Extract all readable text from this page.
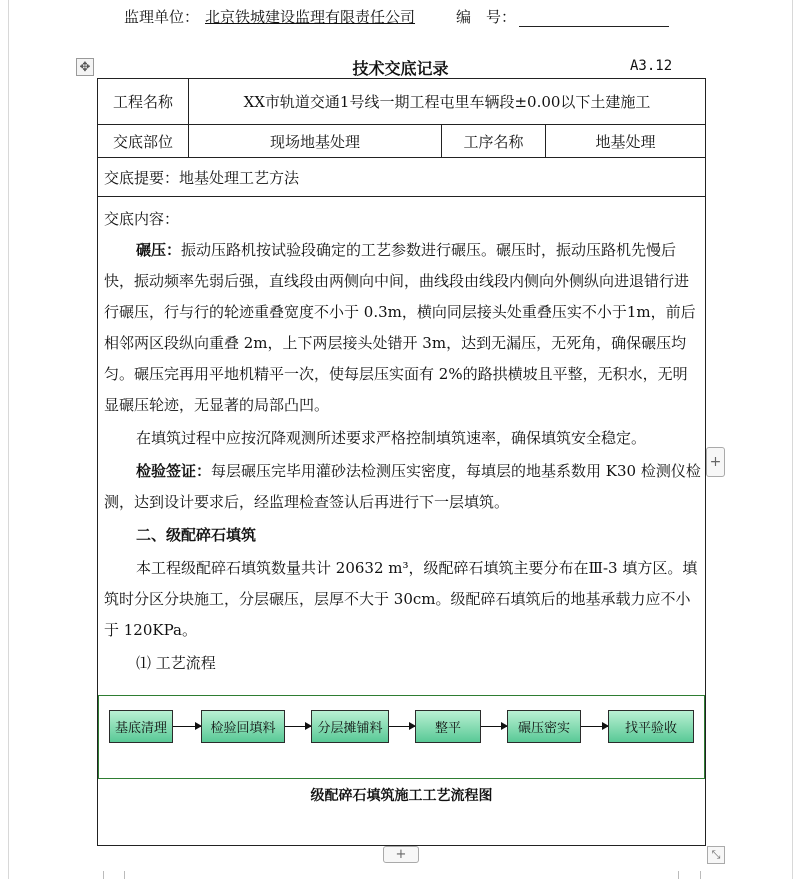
监理单位： 北京铁城建设监理有限责任公司	编　号：
✥	技术交底记录	A3.12
工程名称	XX市轨道交通1号线一期工程屯里车辆段±0.00以下土建施工
交底部位	现场地基处理	工序名称	地基处理
交底提要： 地基处理工艺方法

交底内容：

碾压：振动压路机按试验段确定的工艺参数进行碾压。碾压时，振动压路机先慢后快，振动频率先弱后强，直线段由两侧向中间，曲线段由线段内侧向外侧纵向进退错行进行碾压，行与行的轮迹重叠宽度不小于 0.3m，横向同层接头处重叠压实不小于1m，前后相邻两区段纵向重叠 2m，上下两层接头处错开 3m，达到无漏压，无死角，确保碾压均匀。碾压完再用平地机精平一次，使每层压实面有 2%的路拱横坡且平整，无积水，无明显碾压轮迹，无显著的局部凸凹。

在填筑过程中应按沉降观测所述要求严格控制填筑速率，确保填筑安全稳定。

检验签证：每层碾压完毕用灌砂法检测压实密度，每填层的地基系数用 K30 检测仪检测，达到设计要求后，经监理检查签认后再进行下一层填筑。

二、级配碎石填筑

本工程级配碎石填筑数量共计 20632 m³，级配碎石填筑主要分布在Ⅲ-3 填方区。填筑时分区分块施工，分层碾压，层厚不大于 30cm。级配碎石填筑后的地基承载力应不小于 120KPa。

⑴ 工艺流程

基底清理	检验回填料	分层摊铺料	整平	碾压密实	找平验收
级配碎石填筑施工工艺流程图
+
+	⤡
